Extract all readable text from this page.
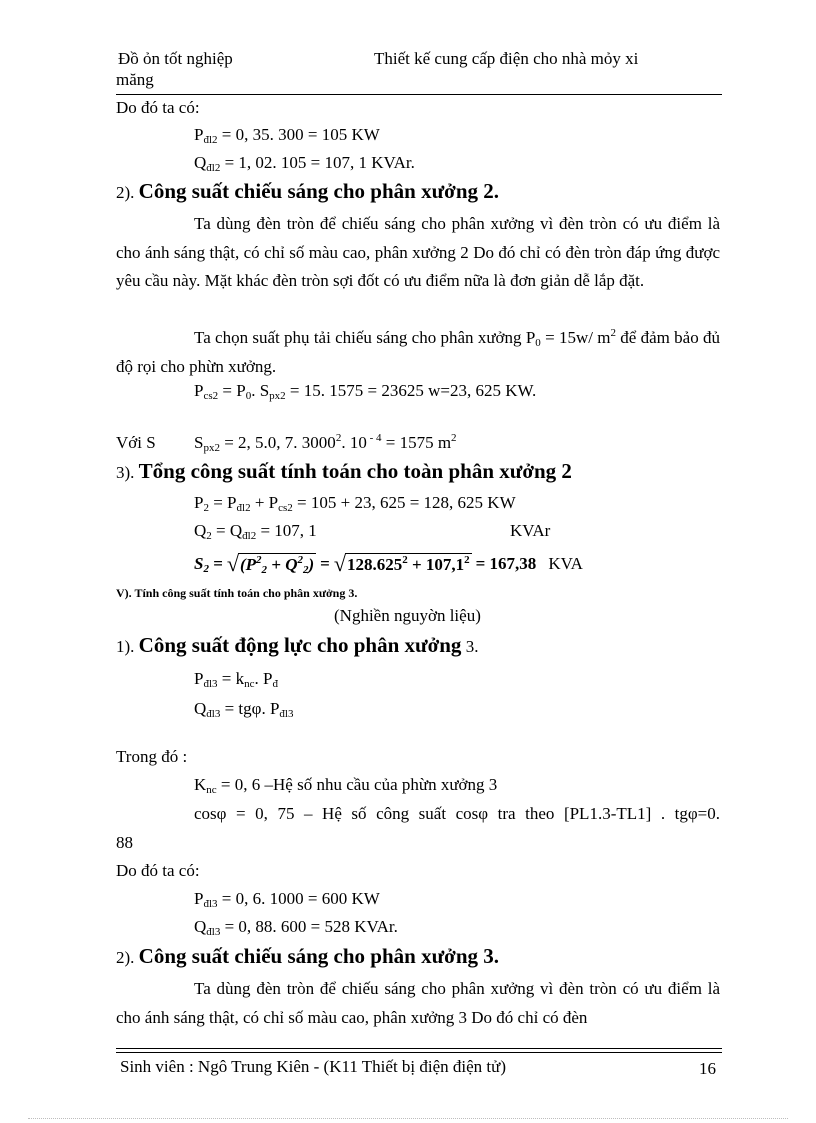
Đồ ỏn tốt nghiệp	Thiết kế cung cấp điện cho nhà mỏy xi
măng
Do đó ta có:
$P_{đl2} = 0$, 35. 300 = 105 KW
$Q_{đl2} = 1$, 02. 105 = 107, 1 KVAr.
2). Công suất chiếu sáng cho phân xưởng 2.
Ta dùng đèn tròn để chiếu sáng cho phân xưởng vì đèn tròn có ưu điểm là cho ánh sáng thật, có chỉ số màu cao, phân xưởng 2 Do đó chỉ có đèn tròn đáp ứng được yêu cầu này. Mặt khác đèn tròn sợi đốt có ưu điểm nữa là đơn giản dễ lắp đặt.
Ta chọn suất phụ tải chiếu sáng cho phân xưởng $P_0 = 15w/$ $m^2$ để đảm bảo đủ độ rọi cho phừn xưởng.
$P_{cs2} = P_0$. $S_{px2} = 15$. 1575 = 23625 w=23, 625 KW.
Với S $S_{px2} = 2$, 5.0, 7. 3000$^2$. 10 $^{- 4}$ = 1575 $m^2$
3). Tổng công suất tính toán cho toàn phân xưởng 2
$P_2 = P_{đl2} + P_{cs2} = 105 + 23$, 625 = 128, 625 KW
$Q_2 = Q_{đl2} = 107$, 1	KVAr
$S_2$ = √ $(P^2_2 + Q^2_2)$ = √ $128.625^2 + 107,1^2 = 167,38$ KVA
V). Tính công suất tính toán cho phân xưởng 3.
(Nghiền nguyờn liệu)
1). Công suất động lực cho phân xưởng 3.
$P_{đl3} = k_{nc}$. $P_đ$
$Q_{đl3} = tg\varphi$. $P_{đl3}$
Trong đó :
$K_{nc} = 0$, 6 –Hệ số nhu cầu của phừn xưởng 3
cosφ = 0, 75 – Hệ số công suất cosφ tra theo [PL1.3-TL1] . tgφ=0.
88
Do đó ta có:
$P_{đl3} = 0$, 6. 1000 = 600 KW
$Q_{đl3} = 0$, 88. 600 = 528 KVAr.
2). Công suất chiếu sáng cho phân xưởng 3.
Ta dùng đèn tròn để chiếu sáng cho phân xưởng vì đèn tròn có ưu điểm là cho ánh sáng thật, có chỉ số màu cao, phân xưởng 3 Do đó chỉ có đèn
Sinh viên : Ngô Trung Kiên - (K11 Thiết bị điện điện tử)	16
